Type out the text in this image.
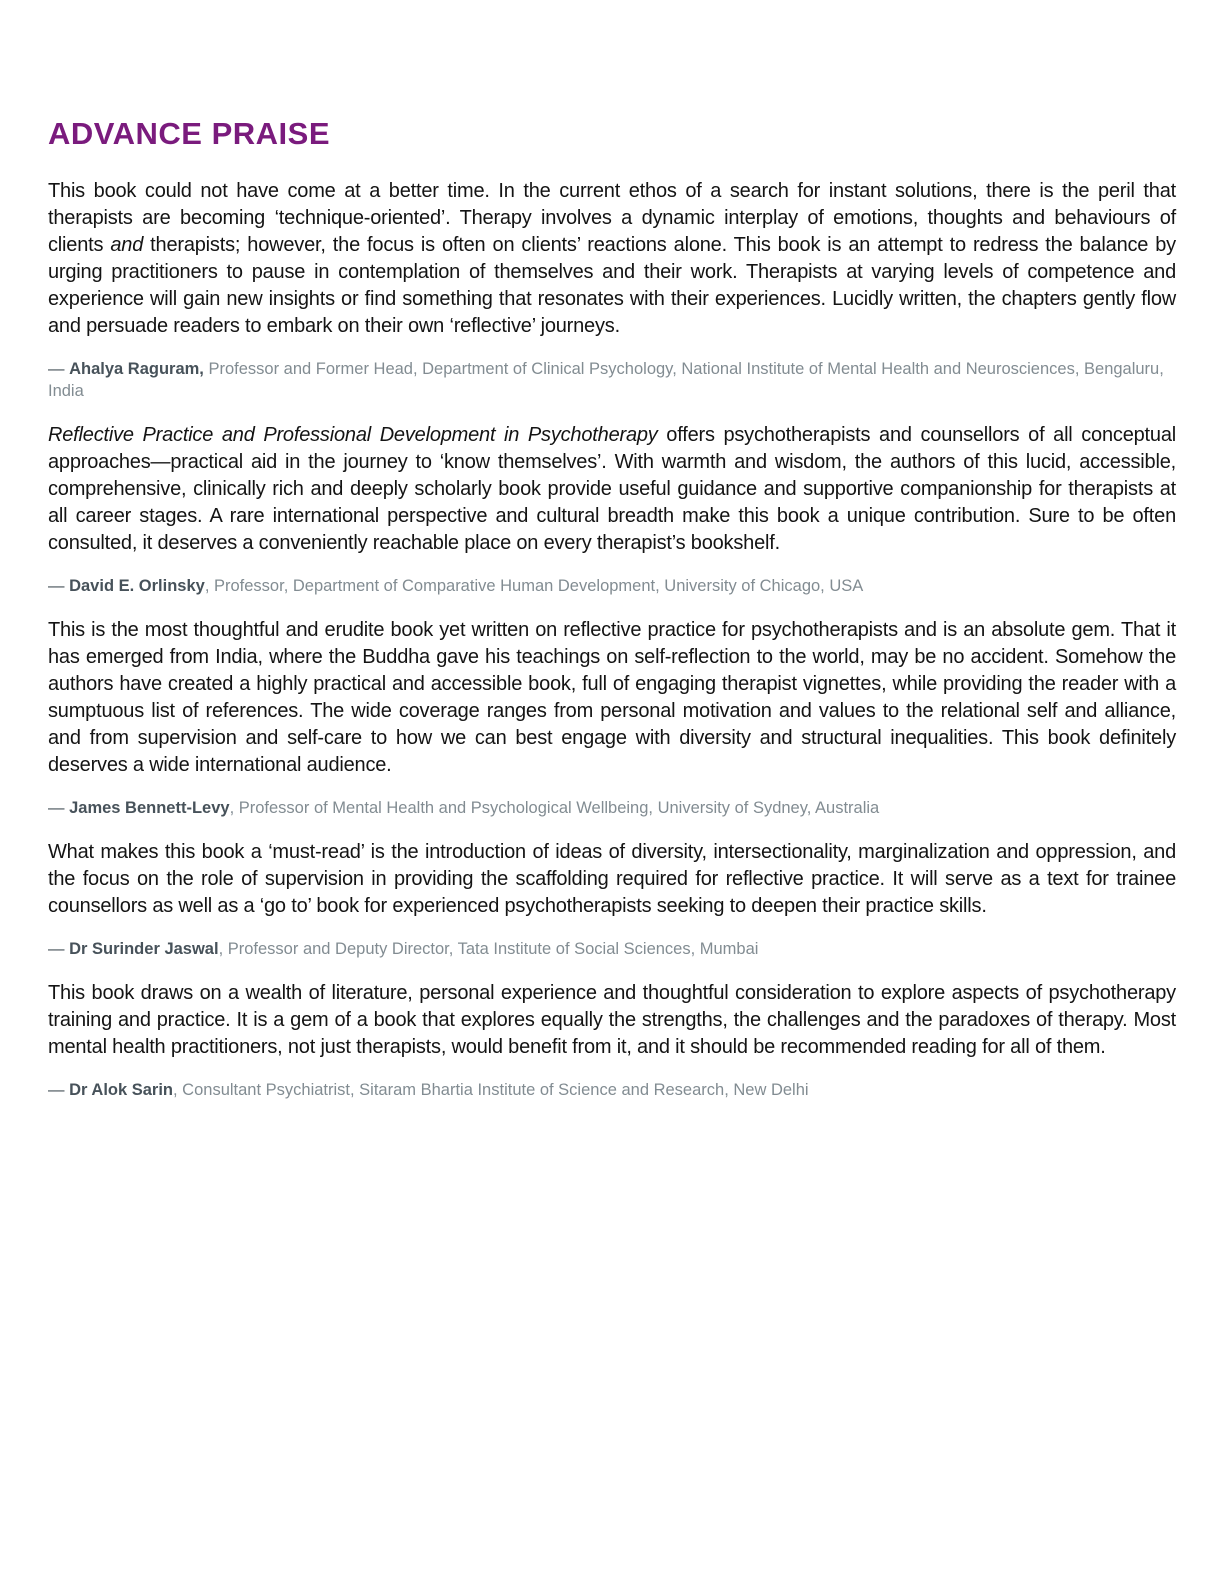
ADVANCE PRAISE

This book could not have come at a better time. In the current ethos of a search for instant solutions, there is the peril that therapists are becoming ‘technique-oriented’. Therapy involves a dynamic interplay of emotions, thoughts and behaviours of clients and therapists; however, the focus is often on clients’ reactions alone. This book is an attempt to redress the balance by urging practitioners to pause in contemplation of themselves and their work. Therapists at varying levels of competence and experience will gain new insights or find something that resonates with their experiences. Lucidly written, the chapters gently flow and persuade readers to embark on their own ‘reflective’ journeys.

— Ahalya Raguram, Professor and Former Head, Department of Clinical Psychology, National Institute of Mental Health and Neurosciences, Bengaluru, India

Reflective Practice and Professional Development in Psychotherapy offers psychotherapists and counsellors of all conceptual approaches—practical aid in the journey to ‘know themselves’. With warmth and wisdom, the authors of this lucid, accessible, comprehensive, clinically rich and deeply scholarly book provide useful guidance and supportive companionship for therapists at all career stages. A rare international perspective and cultural breadth make this book a unique contribution. Sure to be often consulted, it deserves a conveniently reachable place on every therapist’s bookshelf.

— David E. Orlinsky, Professor, Department of Comparative Human Development, University of Chicago, USA

This is the most thoughtful and erudite book yet written on reflective practice for psychotherapists and is an absolute gem. That it has emerged from India, where the Buddha gave his teachings on self-reflection to the world, may be no accident. Somehow the authors have created a highly practical and accessible book, full of engaging therapist vignettes, while providing the reader with a sumptuous list of references. The wide coverage ranges from personal motivation and values to the relational self and alliance, and from supervision and self-care to how we can best engage with diversity and structural inequalities. This book definitely deserves a wide international audience.

— James Bennett-Levy, Professor of Mental Health and Psychological Wellbeing, University of Sydney, Australia

What makes this book a ‘must-read’ is the introduction of ideas of diversity, intersectionality, marginalization and oppression, and the focus on the role of supervision in providing the scaffolding required for reflective practice. It will serve as a text for trainee counsellors as well as a ‘go to’ book for experienced psychotherapists seeking to deepen their practice skills.

— Dr Surinder Jaswal, Professor and Deputy Director, Tata Institute of Social Sciences, Mumbai

This book draws on a wealth of literature, personal experience and thoughtful consideration to explore aspects of psychotherapy training and practice. It is a gem of a book that explores equally the strengths, the challenges and the paradoxes of therapy. Most mental health practitioners, not just therapists, would benefit from it, and it should be recommended reading for all of them.

— Dr Alok Sarin, Consultant Psychiatrist, Sitaram Bhartia Institute of Science and Research, New Delhi
